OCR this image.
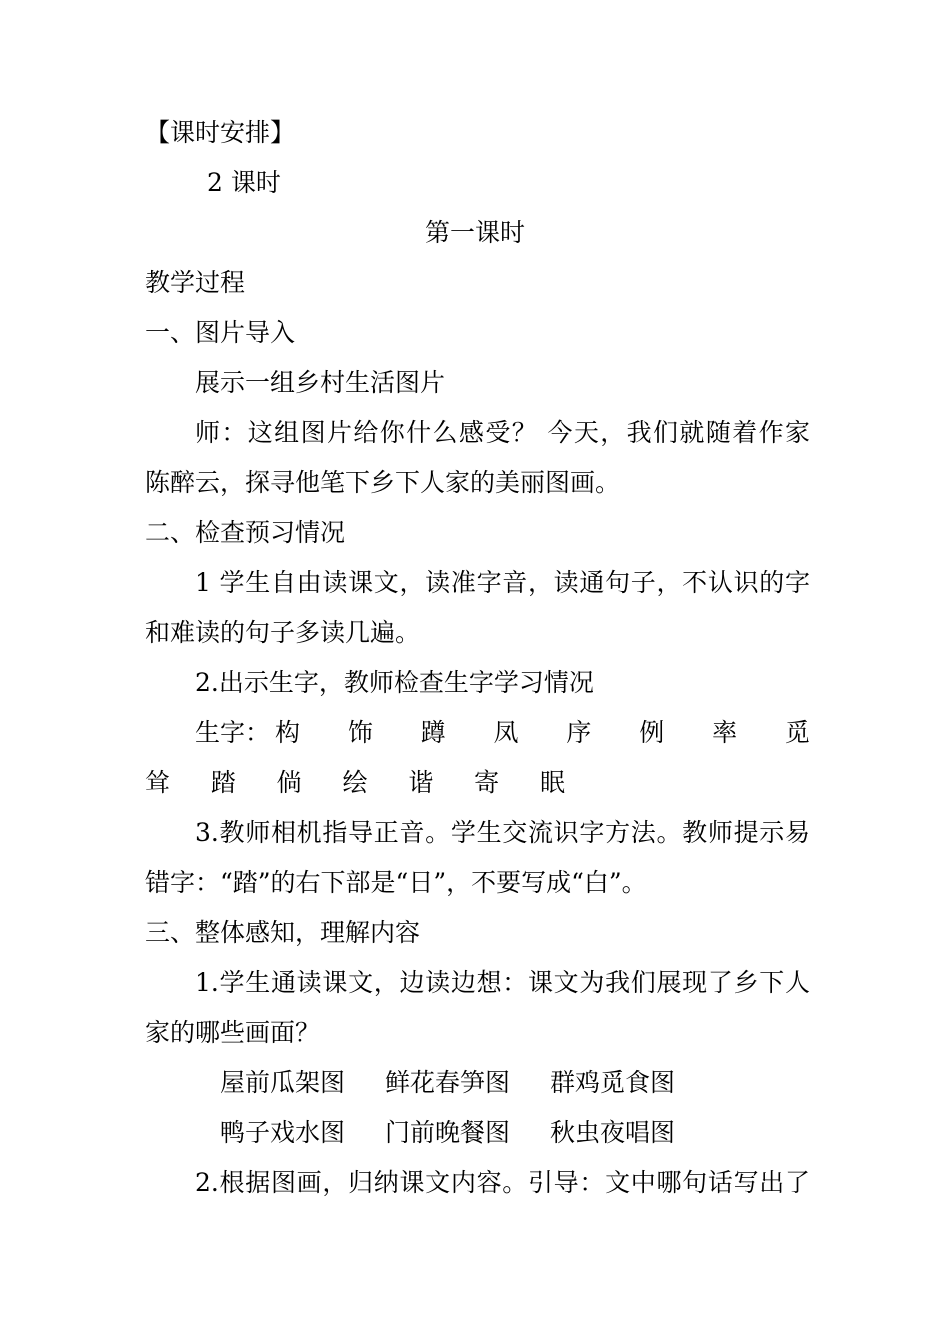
【课时安排】
2 课时
第一课时
教学过程
一、图片导入
展示一组乡村生活图片
师：这组图片给你什么感受？ 今天，我们就随着作家
陈醉云，探寻他笔下乡下人家的美丽图画。
二、检查预习情况
1 学生自由读课文，读准字音，读通句子，不认识的字
和难读的句子多读几遍。
2.出示生字，教师检查生字学习情况
生字： 构 饰 蹲 凤 序 例 率 觅
耸 踏 倘 绘 谐 寄 眠
3.教师相机指导正音。学生交流识字方法。教师提示易
错字：“踏”的右下部是“日”，不要写成“白”。
三、整体感知，理解内容
1.学生通读课文，边读边想：课文为我们展现了乡下人
家的哪些画面？
屋前瓜架图 鲜花春笋图 群鸡觅食图
鸭子戏水图 门前晚餐图 秋虫夜唱图
2.根据图画，归纳课文内容。引导：文中哪句话写出了
